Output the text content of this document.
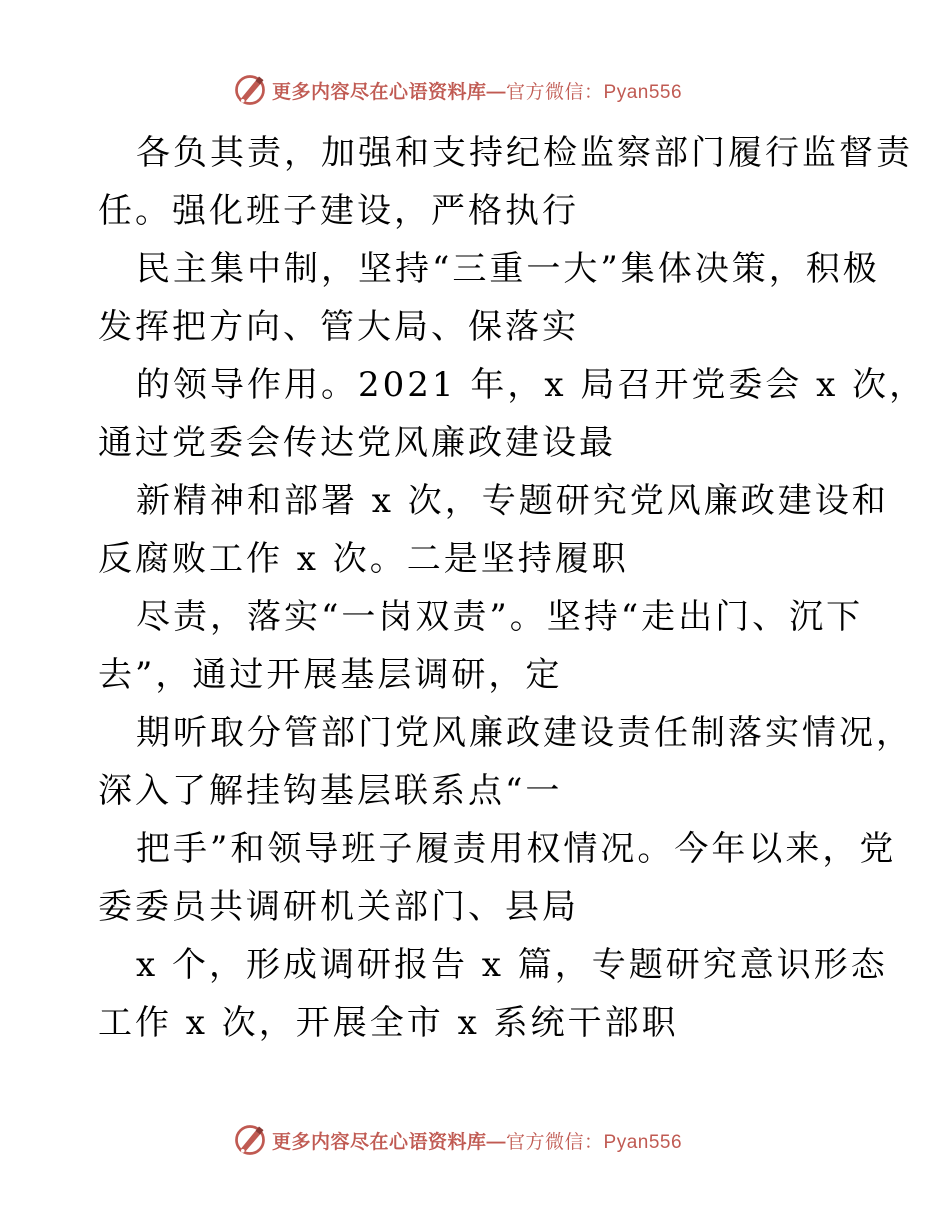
更多内容尽在心语资料库—官方微信：Pyan556
各负其责，加强和支持纪检监察部门履行监督责
任。强化班子建设，严格执行
民主集中制，坚持“三重一大”集体决策，积极
发挥把方向、管大局、保落实
的领导作用。2021 年，x 局召开党委会 x 次，
通过党委会传达党风廉政建设最
新精神和部署 x 次，专题研究党风廉政建设和
反腐败工作 x 次。二是坚持履职
尽责，落实“一岗双责”。坚持“走出门、沉下
去”，通过开展基层调研，定
期听取分管部门党风廉政建设责任制落实情况，
深入了解挂钩基层联系点“一
把手”和领导班子履责用权情况。今年以来，党
委委员共调研机关部门、县局
x 个，形成调研报告 x 篇，专题研究意识形态
工作 x 次，开展全市 x 系统干部职
更多内容尽在心语资料库—官方微信：Pyan556
